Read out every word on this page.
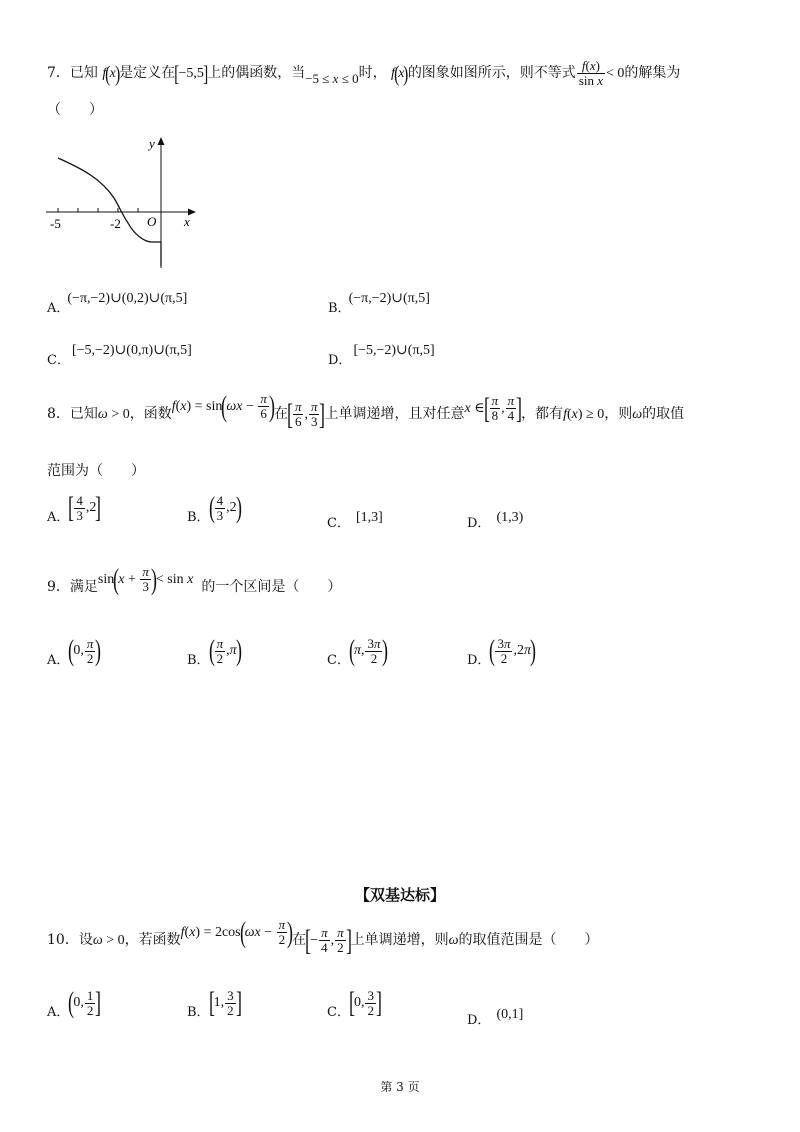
7．已知 f(x)是定义在[−5,5]上的偶函数，当−5 ≤ x ≤ 0时， f(x)的图象如图所示，则不等式 $\frac{f(x)}{\text{sin x}} < 0$的解集为
（　　）
y
x
O
-5	-2
A．(−π,−2)∪(0,2)∪(π,5]
B．(−π,−2)∪(π,5]
C．[−5,−2)∪(0,π)∪(π,5]
D．[−5,−2)∪(π,5]
8．已知ω > 0，函数$f(x) = \sin(\omega x - \frac{\pi}{6}$ )在[ $\frac{\pi}{6}$ , $\frac{\pi}{3}$ ]上单调递增，且对任意x ∈[ $\frac{\pi}{8}$ , $\frac{\pi}{4}$ ]，都有f(x) ≥ 0，则ω的取值
范围为（　　）
A．[ $\frac{4}{3} ,2$]	B．( $\frac{4}{3} ,2$)	C． [1,3]	D． (1,3)
9．满足$\sin(x + \frac{\pi}{3}$ )< sin x 的一个区间是（　　）
A．(0, $\frac{\pi}{2}$ )	B．( $\frac{\pi}{2} ,\pi$)	C．(π, $\frac{3\pi}{2}$ )	D．( $\frac{3\pi}{2} ,2\pi$)
【双基达标】
10．设ω > 0，若函数$f(x) = 2\cos(\omega x - \frac{\pi}{2}$ )在[− $\frac{\pi}{4}$ , $\frac{\pi}{2}$ ]上单调递增，则ω的取值范围是（　　）
A．(0, $\frac{1}{2}$ ]	B．[1, $\frac{3}{2}$ ]	C．[0, $\frac{3}{2}$ ]
D． (0,1]
第 3 页
